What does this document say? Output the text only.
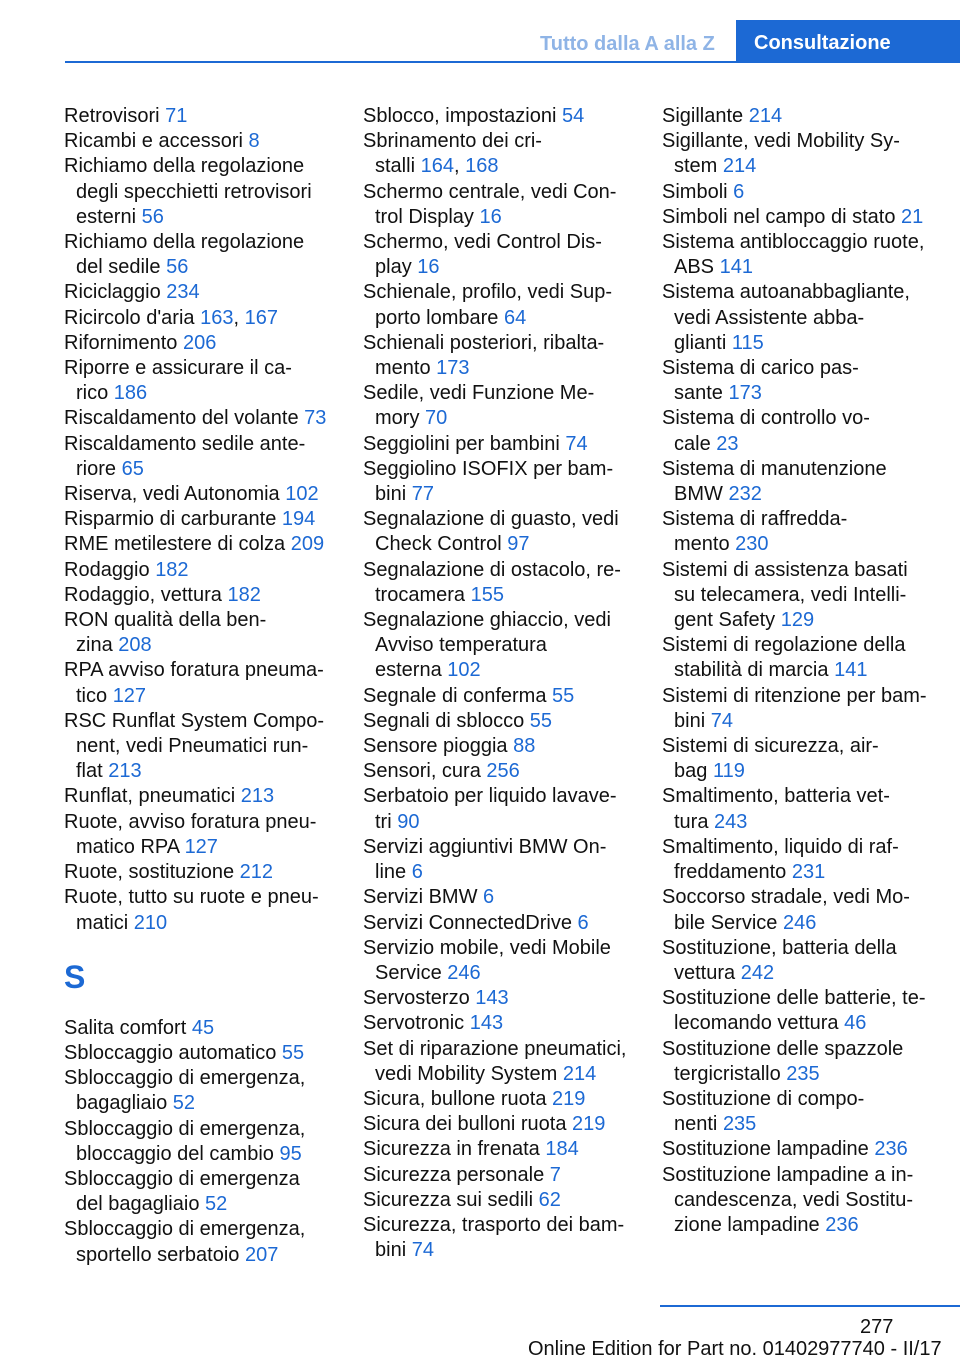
Tutto dalla A alla Z	Consultazione
Retrovisori 71
Ricambi e accessori 8
Richiamo della regolazione
degli specchietti retrovisori
esterni 56
Richiamo della regolazione
del sedile 56
Riciclaggio 234
Ricircolo d'aria 163, 167
Rifornimento 206
Riporre e assicurare il ca-
rico 186
Riscaldamento del volante 73
Riscaldamento sedile ante-
riore 65
Riserva, vedi Autonomia 102
Risparmio di carburante 194
RME metilestere di colza 209
Rodaggio 182
Rodaggio, vettura 182
RON qualità della ben-
zina 208
RPA avviso foratura pneuma-
tico 127
RSC Runflat System Compo-
nent, vedi Pneumatici run-
flat 213
Runflat, pneumatici 213
Ruote, avviso foratura pneu-
matico RPA 127
Ruote, sostituzione 212
Ruote, tutto su ruote e pneu-
matici 210
S
Salita comfort 45
Sbloccaggio automatico 55
Sbloccaggio di emergenza,
bagagliaio 52
Sbloccaggio di emergenza,
bloccaggio del cambio 95
Sbloccaggio di emergenza
del bagagliaio 52
Sbloccaggio di emergenza,
sportello serbatoio 207
Sblocco, impostazioni 54
Sbrinamento dei cri-
stalli 164, 168
Schermo centrale, vedi Con-
trol Display 16
Schermo, vedi Control Dis-
play 16
Schienale, profilo, vedi Sup-
porto lombare 64
Schienali posteriori, ribalta-
mento 173
Sedile, vedi Funzione Me-
mory 70
Seggiolini per bambini 74
Seggiolino ISOFIX per bam-
bini 77
Segnalazione di guasto, vedi
Check Control 97
Segnalazione di ostacolo, re-
trocamera 155
Segnalazione ghiaccio, vedi
Avviso temperatura
esterna 102
Segnale di conferma 55
Segnali di sblocco 55
Sensore pioggia 88
Sensori, cura 256
Serbatoio per liquido lavave-
tri 90
Servizi aggiuntivi BMW On-
line 6
Servizi BMW 6
Servizi ConnectedDrive 6
Servizio mobile, vedi Mobile
Service 246
Servosterzo 143
Servotronic 143
Set di riparazione pneumatici,
vedi Mobility System 214
Sicura, bullone ruota 219
Sicura dei bulloni ruota 219
Sicurezza in frenata 184
Sicurezza personale 7
Sicurezza sui sedili 62
Sicurezza, trasporto dei bam-
bini 74
Sigillante 214
Sigillante, vedi Mobility Sy-
stem 214
Simboli 6
Simboli nel campo di stato 21
Sistema antibloccaggio ruote,
ABS 141
Sistema autoanabbagliante,
vedi Assistente abba-
glianti 115
Sistema di carico pas-
sante 173
Sistema di controllo vo-
cale 23
Sistema di manutenzione
BMW 232
Sistema di raffredda-
mento 230
Sistemi di assistenza basati
su telecamera, vedi Intelli-
gent Safety 129
Sistemi di regolazione della
stabilità di marcia 141
Sistemi di ritenzione per bam-
bini 74
Sistemi di sicurezza, air-
bag 119
Smaltimento, batteria vet-
tura 243
Smaltimento, liquido di raf-
freddamento 231
Soccorso stradale, vedi Mo-
bile Service 246
Sostituzione, batteria della
vettura 242
Sostituzione delle batterie, te-
lecomando vettura 46
Sostituzione delle spazzole
tergicristallo 235
Sostituzione di compo-
nenti 235
Sostituzione lampadine 236
Sostituzione lampadine a in-
candescenza, vedi Sostitu-
zione lampadine 236
277
Online Edition for Part no. 01402977740 - II/17
